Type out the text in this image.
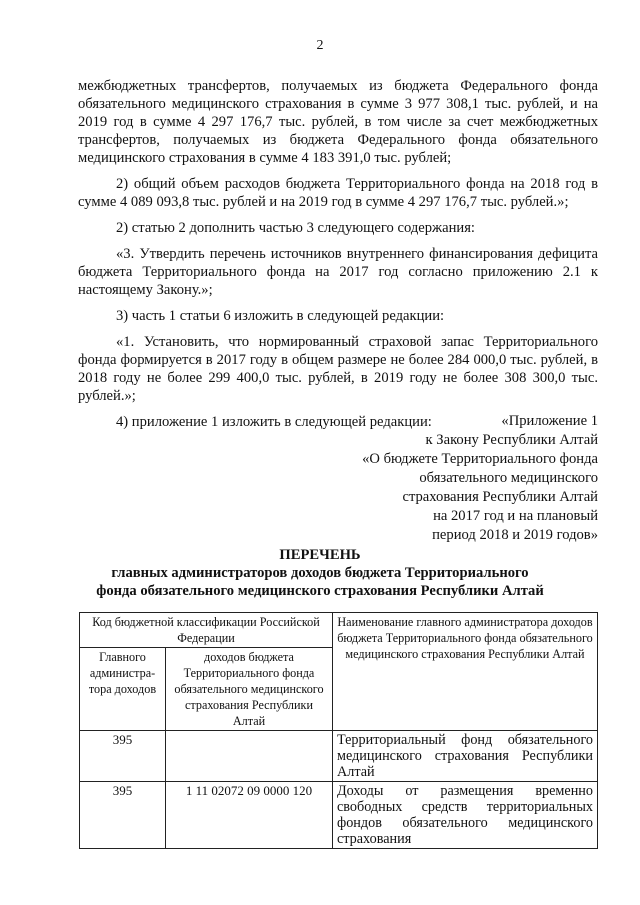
2

межбюджетных трансфертов, получаемых из бюджета Федерального фонда обязательного медицинского страхования в сумме 3 977 308,1 тыс. рублей, и на 2019 год в сумме 4 297 176,7 тыс. рублей, в том числе за счет межбюджетных трансфертов, получаемых из бюджета Федерального фонда обязательного медицинского страхования в сумме 4 183 391,0 тыс. рублей;

2) общий объем расходов бюджета Территориального фонда на 2018 год в сумме 4 089 093,8 тыс. рублей и на 2019 год в сумме 4 297 176,7 тыс. рублей.»;

2) статью 2 дополнить частью 3 следующего содержания:

«3. Утвердить перечень источников внутреннего финансирования дефицита бюджета Территориального фонда на 2017 год согласно приложению 2.1 к настоящему Закону.»;

3) часть 1 статьи 6 изложить в следующей редакции:

«1. Установить, что нормированный страховой запас Территориального фонда формируется в 2017 году в общем размере не более 284 000,0 тыс. рублей, в 2018 году не более 299 400,0 тыс. рублей, в 2019 году не более 308 300,0 тыс. рублей.»;

4) приложение 1 изложить в следующей редакции:	«Приложение 1
к Закону Республики Алтай
«О бюджете Территориального фонда
обязательного медицинского
страхования Республики Алтай
на 2017 год и на плановый
период 2018 и 2019 годов»
ПЕРЕЧЕНЬ
главных администраторов доходов бюджета Территориального
фонда обязательного медицинского страхования Республики Алтай
Код бюджетной классификации Российской Федерации		Наименование главного администратора доходов бюджета Территориального фонда обязательного медицинского страхования Республики Алтай
Главного администра-тора доходов	доходов бюджета Территориального фонда обязательного медицинского страхования Республики Алтай	
395		Территориальный фонд обязательного медицинского страхования Республики Алтай
395	1 11 02072 09 0000 120	Доходы от размещения временно свободных средств территориальных фондов обязательного медицинского страхования
